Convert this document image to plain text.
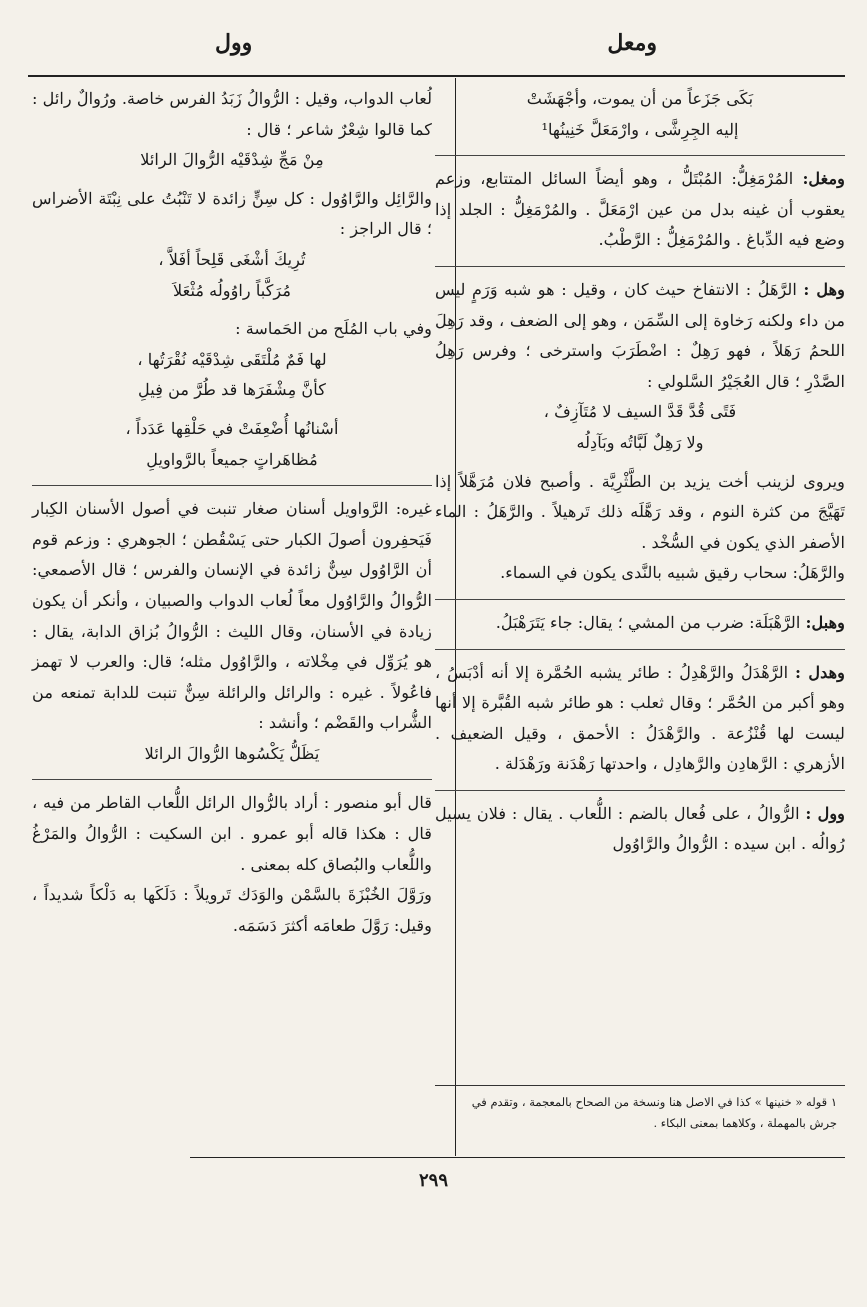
ومعل
وول

بَكَى جَزَعاً من أن يموت، وأجْهَشَتْ

إليه الجِرِشَّى ، وارْمَعَلَّ خَنِينُها¹

ومغل: المُرْمَغِلُّ: المُبْتَلُّ ، وهو أيضاً السائل المتتابع، وزعم يعقوب أن غينه بدل من عين ارْمَعَلَّ . والمُرْمَغِلُّ : الجلد إذا وضع فيه الدِّباغ . والمُرْمَغِلُّ : الرَّطْبُ.

وهل : الرَّهَلُ : الانتفاخ حيث كان ، وقيل : هو شبه وَرَمٍ ليس من داء ولكنه رَخاوة إلى السِّمَن ، وهو إلى الضعف ، وقد رَهِلَ اللحمُ رَهَلاً ، فهو رَهِلٌ : اضْطَرَبَ واسترخى ؛ وفرس رَهِلُ الصَّدْرِ ؛ قال العُجَيْرُ السَّلولي :

فَتًى قُدَّ قَدَّ السيف لا مُتَآزِفٌ ،

ولا رَهِلٌ لَبَّاتُه وبَآدِلُه

ويروى لزينب أخت يزيد بن الطَّثْرِيَّة . وأصبح فلان مُرَهَّلاً إذا تَهَيَّجَ من كثرة النوم ، وقد رَهَّلَه ذلك تَرهيلاً . والرَّهَلُ : الماء الأصفر الذي يكون في السُّخْد .

والرَّهَلُ: سحاب رقيق شبيه بالنَّدى يكون في السماء.

وهبل: الرَّهْبَلَة: ضرب من المشي ؛ يقال: جاء يَتَرَهْبَلُ.

وهدل : الرَّهْدَلُ والرَّهْدِلُ : طائر يشبه الحُمَّرة إلا أنه أدْبَسُ ، وهو أكبر من الحُمَّر ؛ وقال ثعلب : هو طائر شبه القُبَّرة إلا أنها ليست لها قُنْزُعة . والرَّهْدَلُ : الأحمق ، وقيل الضعيف . الأزهري : الرَّهادِن والرَّهادِل ، واحدتها رَهْدَنة ورَهْدَلة .

وول : الرُّوالُ ، على فُعال بالضم : اللُّعاب . يقال : فلان يسيل رُوالُه . ابن سيده : الرُّوالُ والرَّاوُول

لُعاب الدواب، وقيل : الرُّوالُ زَبَدُ الفرس خاصة. ورُوالٌ رائل : كما قالوا شِعْرٌ شاعر ؛ قال :

مِنْ مَجِّ شِدْقَيْه الرُّوالَ الرائلا

والرَّائِل والرَّاوُول : كل سِنٍّ زائدة لا تَنْبُتُ على نِبْتَة الأضراس ؛ قال الراجز :

تُرِيكَ أشْغَى قَلِحاً أفَلاَّ ،

مُرَكَّباً راوُولُه مُثْعَلاَ

وفي باب المُلَح من الحَماسة :

لها فَمٌ مُلْتَقَى شِدْقَيْه نُقْرَتُها ،

كأنَّ مِشْفَرَها قد طُرَّ من فِيلِ

أسْنانُها أُضْعِفَتْ في حَلْقِها عَدَداً ،

مُظاهَراتٍ جميعاً بالرَّواويلِ

غيره: الرَّواويل أسنان صغار تنبت في أصول الأسنان الكِبار فَيَحفِرون أصولَ الكبار حتى يَسْقُطن ؛ الجوهري : وزعم قوم أن الرَّاوُول سِنٌّ زائدة في الإنسان والفرس ؛ قال الأصمعي: الرُّوالُ والرَّاوُول معاً لُعاب الدواب والصبيان ، وأنكر أن يكون زيادة في الأسنان، وقال الليث : الرُّوالُ بُزاق الدابة، يقال : هو يُرَوِّل في مِخْلاته ، والرَّاوُول مثله؛ قال: والعرب لا تهمز فاعُولاً . غيره : والرائل والرائلة سِنٌّ تنبت للدابة تمنعه من الشُّراب والقَضْم ؛ وأنشد :

يَظَلُّ يَكْسُوها الرُّوالَ الرائلا

قال أبو منصور : أراد بالرُّوال الرائل اللُّعاب القاطر من فيه ، قال : هكذا قاله أبو عمرو . ابن السكيت : الرُّوالُ والمَرْغُ واللُّعاب والبُصاق كله بمعنى .

ورَوَّلَ الخُبْزَةَ بالسَّمْن والوَدَك تَرويلاً : دَلَكَها به دَلْكاً شديداً ، وقيل: رَوَّلَ طعامَه أكثرَ دَسَمَه.

١ قوله « خنينها » كذا في الاصل هنا ونسخة من الصحاح بالمعجمة ، وتقدم في جرش بالمهملة ، وكلاهما بمعنى البكاء .
٢٩٩
